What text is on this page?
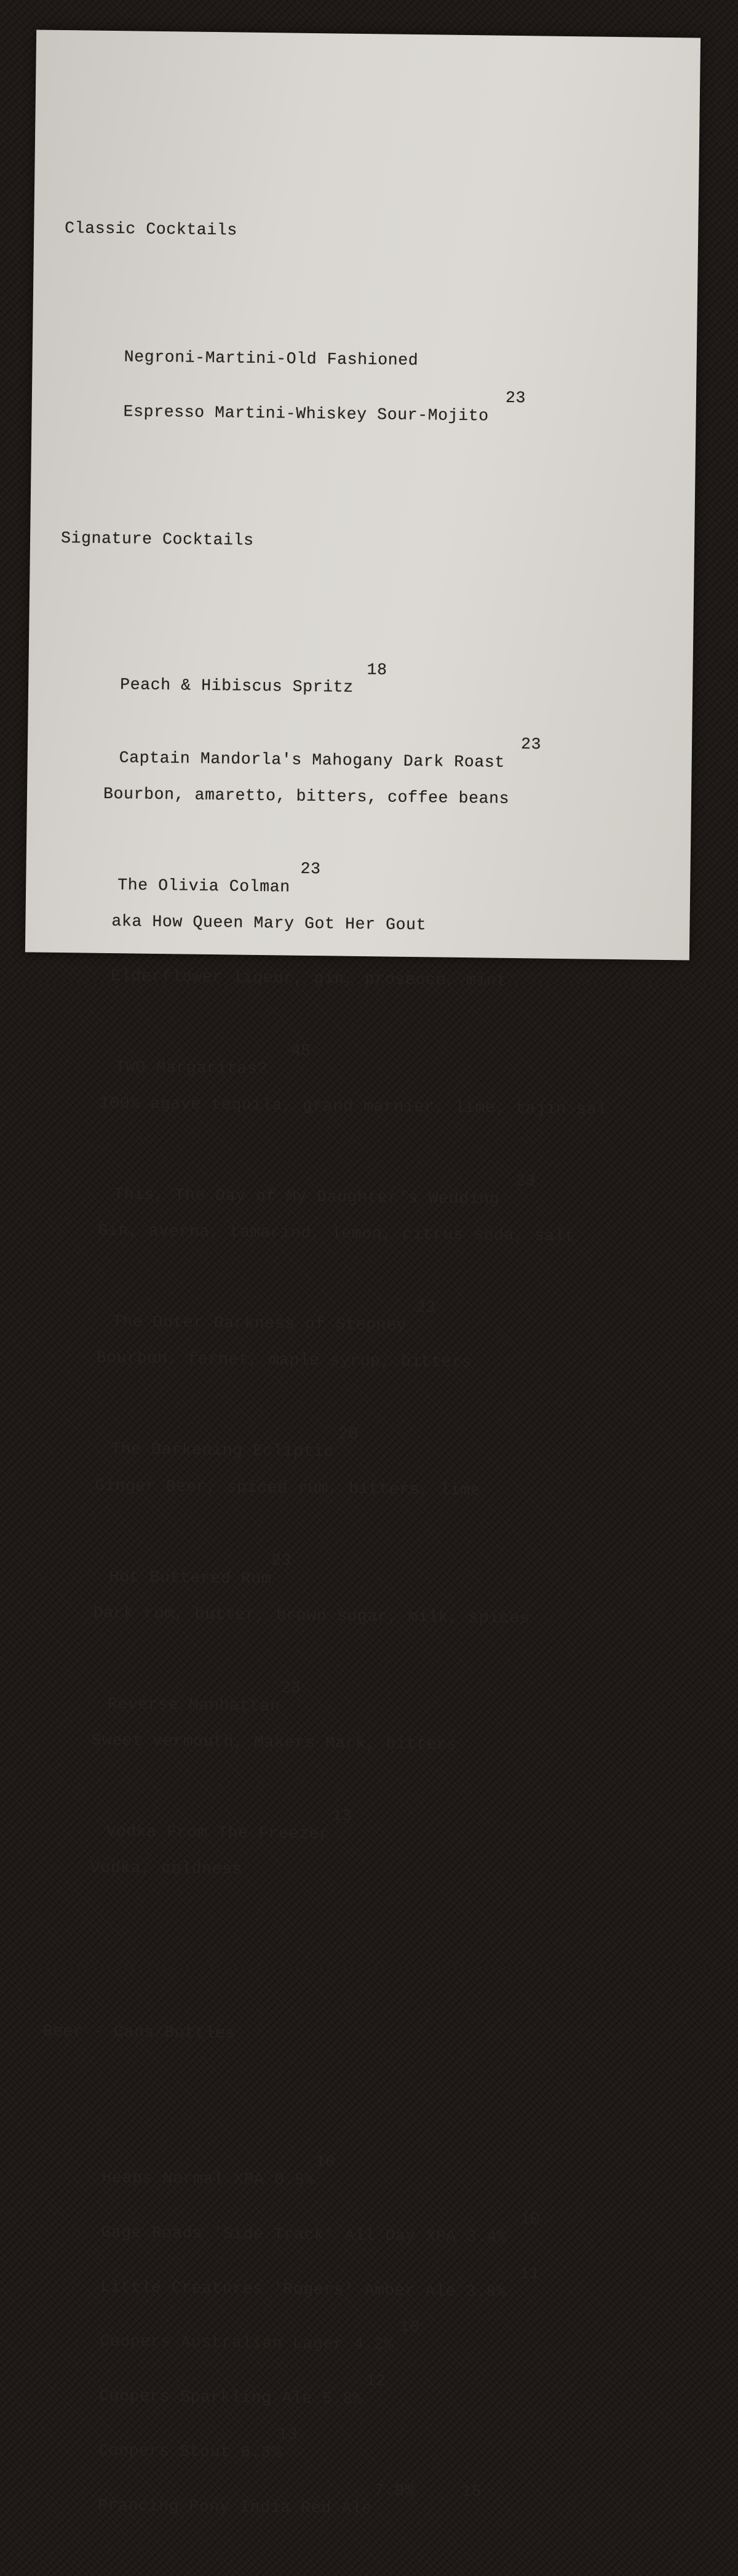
Classic Cocktails

Negroni-Martini-Old Fashioned

Espresso Martini-Whiskey Sour-Mojito

23

Signature Cocktails

Peach & Hibiscus Spritz

18

Captain Mandorla's Mahogany Dark Roast

23

Bourbon, amaretto, bitters, coffee beans

The Olivia Colman

23

aka How Queen Mary Got Her Gout

Elderflower liqeur, gin, prosecco, mint

TWO Margaritas?

45

100% agave tequila, grand marnier, lime, tajin sal

This, The Day of My Daughter's Wedding

23

Gin, averna, tamarind, lemon, citrus soda, salt

The Outer Darkness of Stepney

23

Bourbon, fernet, maple syrup, bitters

The Darkening Ecliptic

20

Ginger Beer, spiced rum, bitters, lime

Hot Buttered Rum

23

Dark rum, butter, brown sugar, milk, spices

Reverse Manhattan

23

Sweet vermouth, Makers Mark, bitters

Vodka From The Freezer

13

Vodka, coldness

Beer - Cans/Bottles

Heaps Normal XPA 0.5%

10

Gage Roads 'Side Track' All Day XPA 3.4%

10

Little Creatures 'Rogers' Amber Ale 3.8%

11

Coopers Australian Lager 4.2%

10

Coopers Sparkling Ale 5.8%

12

Coopers Stout 6.3%

13

Prancing Pony India Red Ale

7.9%

	15
